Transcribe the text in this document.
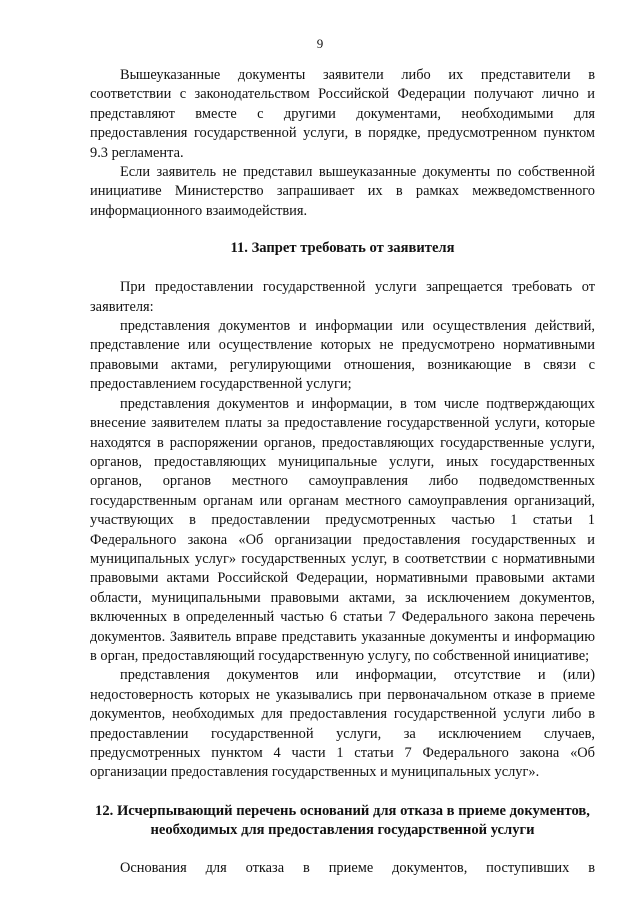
9

Вышеуказанные документы заявители либо их представители в соответствии с законодательством Российской Федерации получают лично и представляют вместе с другими документами, необходимыми для предоставления государственной услуги, в порядке, предусмотренном пунктом 9.3 регламента.

Если заявитель не представил вышеуказанные документы по собственной инициативе Министерство запрашивает их в рамках межведомственного информационного взаимодействия.

11. Запрет требовать от заявителя

При предоставлении государственной услуги запрещается требовать от заявителя:

представления документов и информации или осуществления действий, представление или осуществление которых не предусмотрено нормативными правовыми актами, регулирующими отношения, возникающие в связи с предоставлением государственной услуги;

представления документов и информации, в том числе подтверждающих внесение заявителем платы за предоставление государственной услуги, которые находятся в распоряжении органов, предоставляющих государственные услуги, органов, предоставляющих муниципальные услуги, иных государственных органов, органов местного самоуправления либо подведомственных государственным органам или органам местного самоуправления организаций, участвующих в предоставлении предусмотренных частью 1 статьи 1 Федерального закона «Об организации предоставления государственных и муниципальных услуг» государственных услуг, в соответствии с нормативными правовыми актами Российской Федерации, нормативными правовыми актами области, муниципальными правовыми актами, за исключением документов, включенных в определенный частью 6 статьи 7 Федерального закона перечень документов. Заявитель вправе представить указанные документы и информацию в орган, предоставляющий государственную услугу, по собственной инициативе;

представления документов или информации, отсутствие и (или) недостоверность которых не указывались при первоначальном отказе в приеме документов, необходимых для предоставления государственной услуги либо в предоставлении государственной услуги, за исключением случаев, предусмотренных пунктом 4 части 1 статьи 7 Федерального закона «Об организации предоставления государственных и муниципальных услуг».

12. Исчерпывающий перечень оснований для отказа в приеме документов, необходимых для предоставления государственной услуги

Основания для отказа в приеме документов, поступивших в
